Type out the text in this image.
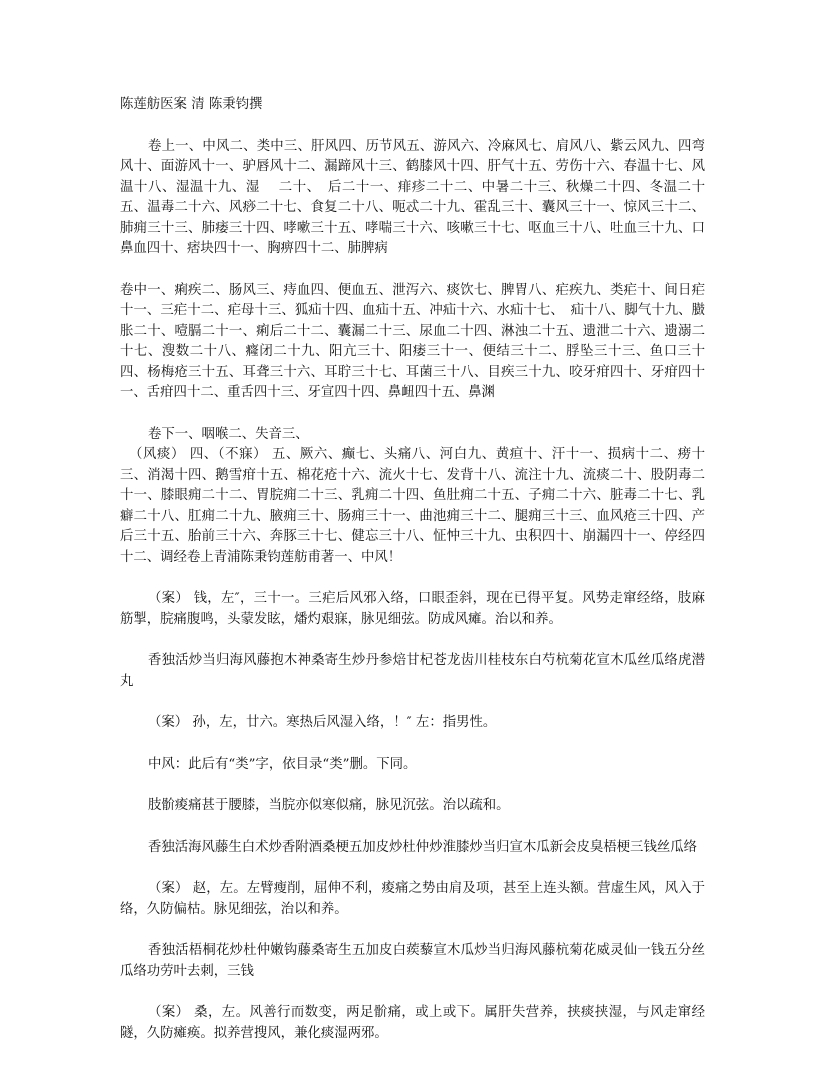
陈莲舫医案 清 陈秉钧撰

卷上一、中风二、类中三、肝风四、历节风五、游风六、冷麻风七、肩风八、紫云风九、四弯风十、面游风十一、驴唇风十二、漏蹄风十三、鹤膝风十四、肝气十五、劳伤十六、春温十七、风温十八、湿温十九、湿　 二十、　后二十一、痱疹二十二、中暑二十三、秋燥二十四、冬温二十五、温毒二十六、风痧二十七、食复二十八、呃忒二十九、霍乱三十、囊风三十一、惊风三十二、肺痈三十三、肺痿三十四、哮嗽三十五、哮喘三十六、咳嗽三十七、呕血三十八、吐血三十九、口鼻血四十、痞块四十一、胸痹四十二、肺脾病

卷中一、痢疾二、肠风三、痔血四、便血五、泄泻六、痰饮七、脾胃八、疟疾九、类疟十、间日疟十一、三疟十二、疟母十三、狐疝十四、血疝十五、冲疝十六、水疝十七、　疝十八、脚气十九、臌胀二十、噎膈二十一、痢后二十二、囊漏二十三、尿血二十四、淋浊二十五、遗泄二十六、遗溺二十七、溲数二十八、癃闭二十九、阳亢三十、阳痿三十一、便结三十二、脬坠三十三、鱼口三十四、杨梅疮三十五、耳聋三十六、耳聍三十七、耳菌三十八、目疾三十九、咬牙疳四十、牙疳四十一、舌疳四十二、重舌四十三、牙宣四十四、鼻衄四十五、鼻渊

卷下一、咽喉二、失音三、

（风痰） 四、（不寐） 五、厥六、癫七、头痛八、河白九、黄疸十、汗十一、损病十二、痨十三、消渴十四、鹅雪疳十五、棉花疮十六、流火十七、发背十八、流注十九、流痰二十、股阴毒二十一、膝眼痈二十二、胃脘痈二十三、乳痈二十四、鱼肚痈二十五、子痈二十六、脏毒二十七、乳癖二十八、肛痈二十九、腋痈三十、肠痈三十一、曲池痈三十二、腿痈三十三、血风疮三十四、产后三十五、胎前三十六、奔豚三十七、健忘三十八、怔忡三十九、虫积四十、崩漏四十一、停经四十二、调经卷上青浦陈秉钧莲舫甫著一、中风！

（案） 钱，左″，三十一。三疟后风邪入络，口眼歪斜，现在已得平复。风势走窜经络，肢麻筋掣，脘痛腹鸣，头蒙发眩，燔灼艰寐，脉见细弦。防成风瘫。治以和养。

香独活炒当归海风藤抱木神桑寄生炒丹参焙甘杞苍龙齿川桂枝东白芍杭菊花宣木瓜丝瓜络虎潜丸

（案） 孙，左，廿六。寒热后风湿入络，！″ 左：指男性。

中风：此后有“类”字，依目录“类”删。下同。

肢骱痠痛甚于腰膝，当脘亦似寒似痛，脉见沉弦。治以疏和。

香独活海风藤生白术炒香附酒桑梗五加皮炒杜仲炒淮膝炒当归宣木瓜新会皮臭梧梗三钱丝瓜络

（案） 赵，左。左臂瘦削，屈伸不利，痠痛之势由肩及项，甚至上连头额。营虚生风，风入于络，久防偏枯。脉见细弦，治以和养。

香独活梧桐花炒杜仲嫩钩藤桑寄生五加皮白蒺藜宣木瓜炒当归海风藤杭菊花威灵仙一钱五分丝瓜络功劳叶去刺，三钱

（案） 桑，左。风善行而数变，两足骱痛，或上或下。属肝失营养，挟痰挟湿，与风走窜经隧，久防瘫痪。拟养营搜风，兼化痰湿两邪。
